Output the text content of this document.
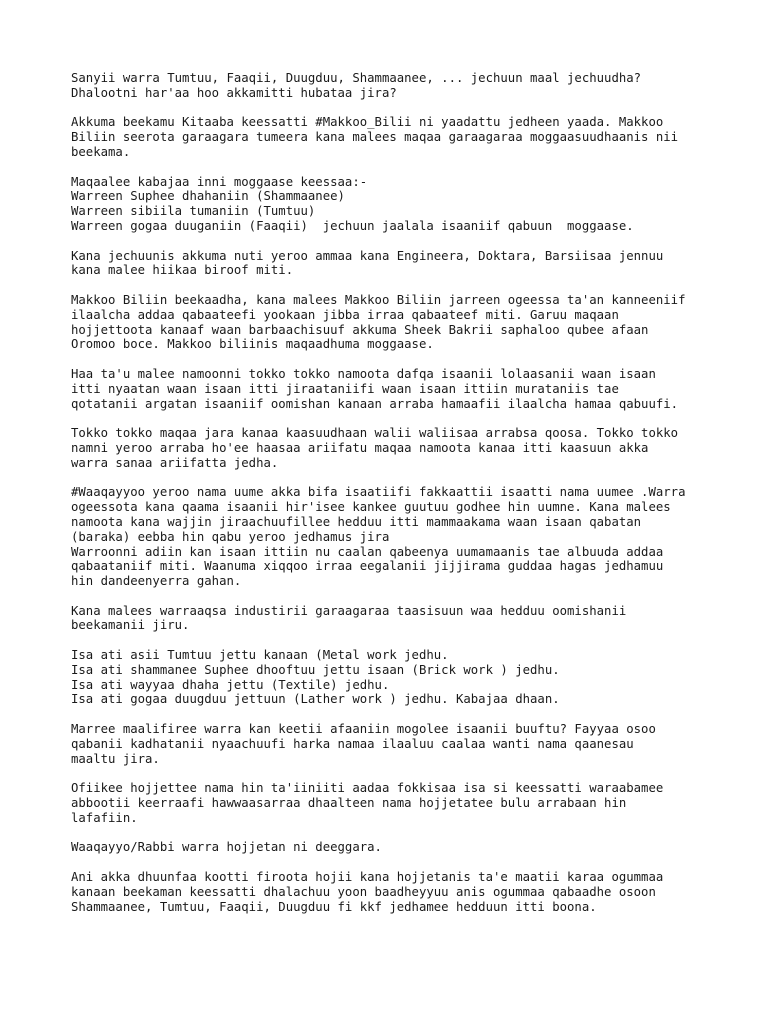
Sanyii warra Tumtuu, Faaqii, Duugduu, Shammaanee, ... jechuun maal jechuudha?
Dhalootni har'aa hoo akkamitti hubataa jira?
Akkuma beekamu Kitaaba keessatti #Makkoo_Bilii ni yaadattu jedheen yaada. Makkoo
Biliin seerota garaagara tumeera kana malees maqaa garaagaraa moggaasuudhaanis nii
beekama.
Maqaalee kabajaa inni moggaase keessaa:-
Warreen Suphee dhahaniin (Shammaanee)
Warreen sibiila tumaniin (Tumtuu)
Warreen gogaa duuganiin (Faaqii)  jechuun jaalala isaaniif qabuun  moggaase.
Kana jechuunis akkuma nuti yeroo ammaa kana Engineera, Doktara, Barsiisaa jennuu
kana malee hiikaa biroof miti.
Makkoo Biliin beekaadha, kana malees Makkoo Biliin jarreen ogeessa ta'an kanneeniif
ilaalcha addaa qabaateefi yookaan jibba irraa qabaateef miti. Garuu maqaan
hojjettoota kanaaf waan barbaachisuuf akkuma Sheek Bakrii saphaloo qubee afaan
Oromoo boce. Makkoo biliinis maqaadhuma moggaase.
Haa ta'u malee namoonni tokko tokko namoota dafqa isaanii lolaasanii waan isaan
itti nyaatan waan isaan itti jiraataniifi waan isaan ittiin murataniis tae
qotatanii argatan isaaniif oomishan kanaan arraba hamaafii ilaalcha hamaa qabuufi.
Tokko tokko maqaa jara kanaa kaasuudhaan walii waliisaa arrabsa qoosa. Tokko tokko
namni yeroo arraba ho'ee haasaa ariifatu maqaa namoota kanaa itti kaasuun akka
warra sanaa ariifatta jedha.
#Waaqayyoo yeroo nama uume akka bifa isaatiifi fakkaattii isaatti nama uumee .Warra
ogeessota kana qaama isaanii hir'isee kankee guutuu godhee hin uumne. Kana malees
namoota kana wajjin jiraachuufillee hedduu itti mammaakama waan isaan qabatan
(baraka) eebba hin qabu yeroo jedhamus jira
Warroonni adiin kan isaan ittiin nu caalan qabeenya uumamaanis tae albuuda addaa
qabaataniif miti. Waanuma xiqqoo irraa eegalanii jijjirama guddaa hagas jedhamuu
hin dandeenyerra gahan.
Kana malees warraaqsa industirii garaagaraa taasisuun waa hedduu oomishanii
beekamanii jiru.
Isa ati asii Tumtuu jettu kanaan (Metal work jedhu.
Isa ati shammanee Suphee dhooftuu jettu isaan (Brick work ) jedhu.
Isa ati wayyaa dhaha jettu (Textile) jedhu.
Isa ati gogaa duugduu jettuun (Lather work ) jedhu. Kabajaa dhaan.
Marree maalifiree warra kan keetii afaaniin mogolee isaanii buuftu? Fayyaa osoo
qabanii kadhatanii nyaachuufi harka namaa ilaaluu caalaa wanti nama qaanesau
maaltu jira.
Ofiikee hojjettee nama hin ta'iiniiti aadaa fokkisaa isa si keessatti waraabamee
abbootii keerraafi hawwaasarraa dhaalteen nama hojjetatee bulu arrabaan hin
lafafiin.
Waaqayyo/Rabbi warra hojjetan ni deeggara.
Ani akka dhuunfaa kootti firoota hojii kana hojjetanis ta'e maatii karaa ogummaa
kanaan beekaman keessatti dhalachuu yoon baadheyyuu anis ogummaa qabaadhe osoon
Shammaanee, Tumtuu, Faaqii, Duugduu fi kkf jedhamee hedduun itti boona.
